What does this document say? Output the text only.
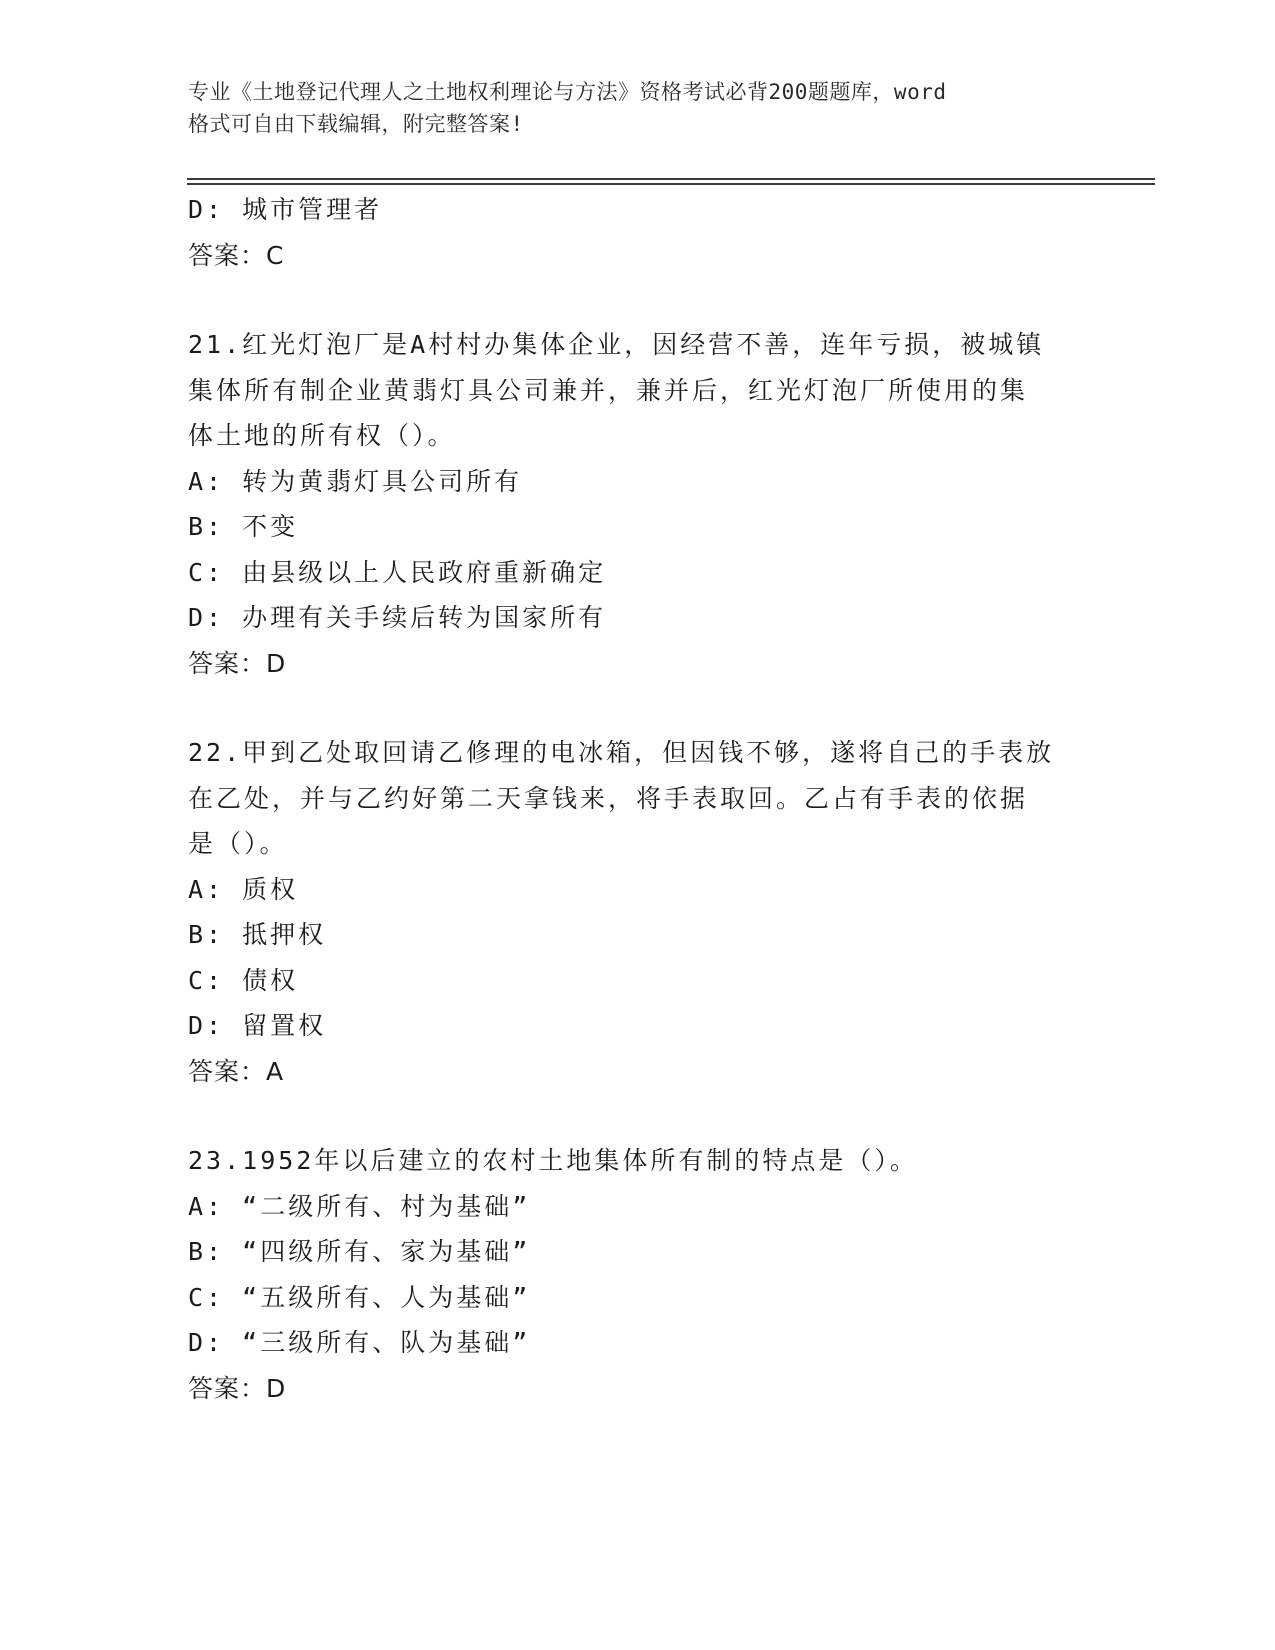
专业《土地登记代理人之土地权利理论与方法》资格考试必背200题题库，word
格式可自由下载编辑，附完整答案!
D: 城市管理者
答案：C
21.红光灯泡厂是A村村办集体企业，因经营不善，连年亏损，被城镇
集体所有制企业黄翡灯具公司兼并，兼并后，红光灯泡厂所使用的集
体土地的所有权（）。
A: 转为黄翡灯具公司所有
B: 不变
C: 由县级以上人民政府重新确定
D: 办理有关手续后转为国家所有
答案：D
22.甲到乙处取回请乙修理的电冰箱，但因钱不够，遂将自己的手表放
在乙处，并与乙约好第二天拿钱来，将手表取回。乙占有手表的依据
是（）。
A: 质权
B: 抵押权
C: 债权
D: 留置权
答案：A
23.1952年以后建立的农村土地集体所有制的特点是（）。
A: “二级所有、村为基础”
B: “四级所有、家为基础”
C: “五级所有、人为基础”
D: “三级所有、队为基础”
答案：D
